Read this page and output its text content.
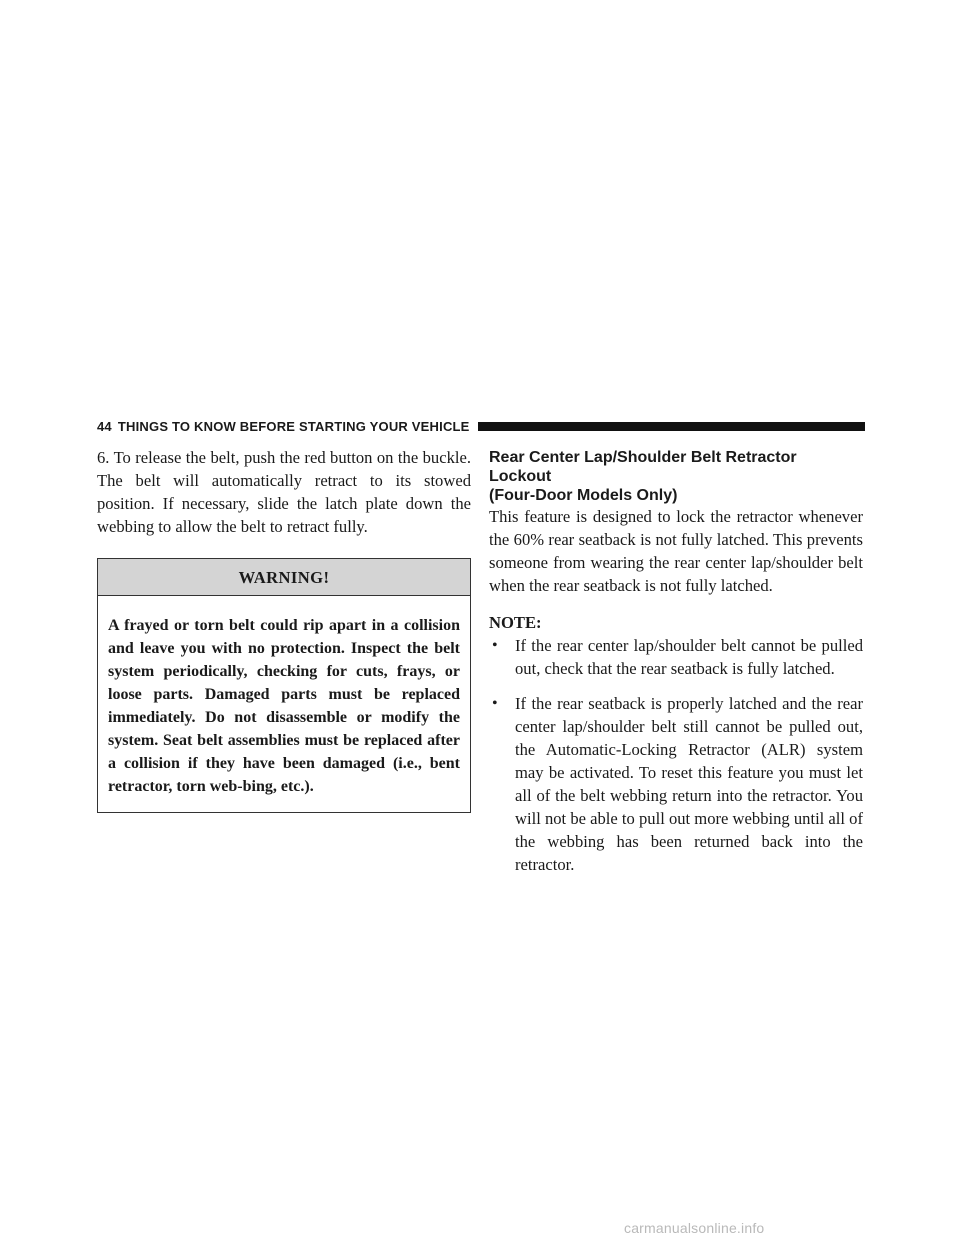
44 THINGS TO KNOW BEFORE STARTING YOUR VEHICLE

6. To release the belt, push the red button on the buckle. The belt will automatically retract to its stowed position. If necessary, slide the latch plate down the webbing to allow the belt to retract fully.

WARNING!
A frayed or torn belt could rip apart in a collision and leave you with no protection. Inspect the belt system periodically, checking for cuts, frays, or loose parts. Damaged parts must be replaced immediately. Do not disassemble or modify the system. Seat belt assemblies must be replaced after a collision if they have been damaged (i.e., bent retractor, torn web-bing, etc.).
Rear Center Lap/Shoulder Belt Retractor Lockout
(Four-Door Models Only)

This feature is designed to lock the retractor whenever the 60% rear seatback is not fully latched. This prevents someone from wearing the rear center lap/shoulder belt when the rear seatback is not fully latched.

NOTE:
• If the rear center lap/shoulder belt cannot be pulled out, check that the rear seatback is fully latched.
• If the rear seatback is properly latched and the rear center lap/shoulder belt still cannot be pulled out, the Automatic-Locking Retractor (ALR) system may be activated. To reset this feature you must let all of the belt webbing return into the retractor. You will not be able to pull out more webbing until all of the webbing has been returned back into the retractor.
carmanualsonline.info
